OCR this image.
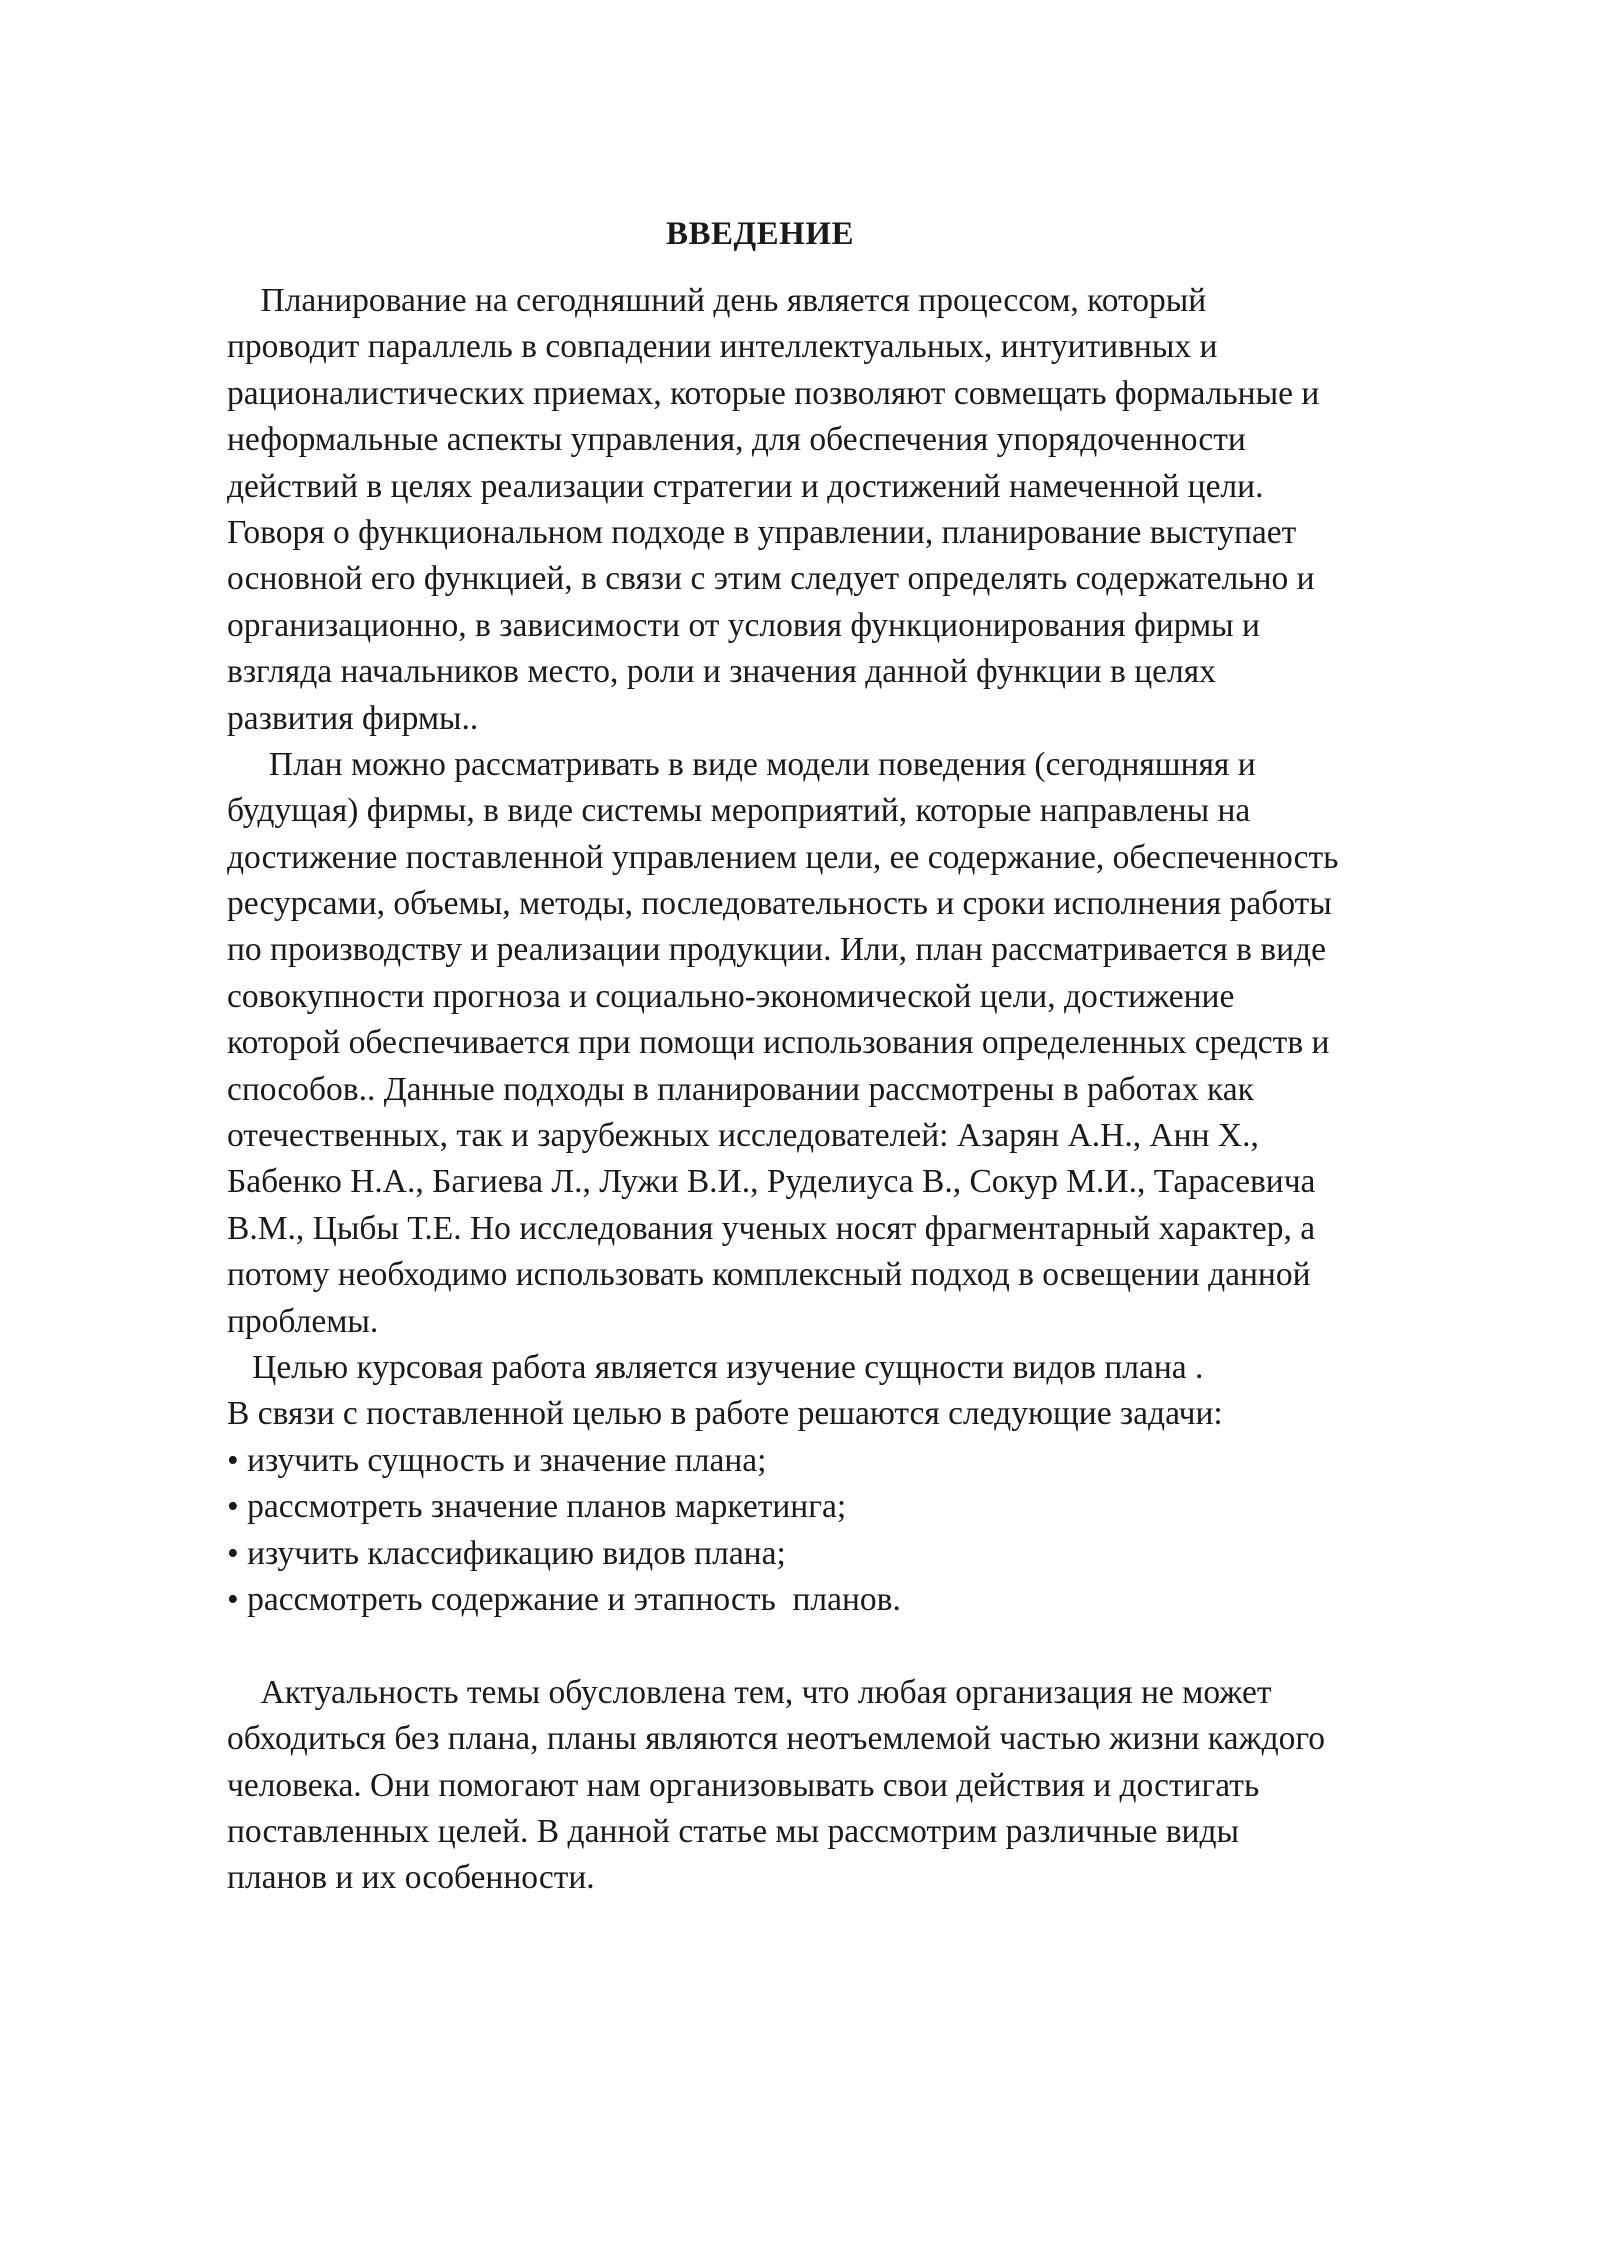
ВВЕДЕНИЕ
Планирование на сегодняшний день является процессом, который
проводит параллель в совпадении интеллектуальных, интуитивных и
рационалистических приемах, которые позволяют совмещать формальные и
неформальные аспекты управления, для обеспечения упорядоченности
действий в целях реализации стратегии и достижений намеченной цели.
Говоря о функциональном подходе в управлении, планирование выступает
основной его функцией, в связи с этим следует определять содержательно и
организационно, в зависимости от условия функционирования фирмы и
взгляда начальников место, роли и значения данной функции в целях
развития фирмы..
План можно рассматривать в виде модели поведения (сегодняшняя и
будущая) фирмы, в виде системы мероприятий, которые направлены на
достижение поставленной управлением цели, ее содержание, обеспеченность
ресурсами, объемы, методы, последовательность и сроки исполнения работы
по производству и реализации продукции. Или, план рассматривается в виде
совокупности прогноза и социально-экономической цели, достижение
которой обеспечивается при помощи использования определенных средств и
способов.. Данные подходы в планировании рассмотрены в работах как
отечественных, так и зарубежных исследователей: Азарян А.Н., Анн Х.,
Бабенко Н.А., Багиева Л., Лужи В.И., Руделиуса В., Сокур М.И., Тарасевича
В.М., Цыбы Т.Е. Но исследования ученых носят фрагментарный характер, а
потому необходимо использовать комплексный подход в освещении данной
проблемы.
Целью курсовая работа является изучение сущности видов плана .
В связи с поставленной целью в работе решаются следующие задачи:
• изучить сущность и значение плана;
• рассмотреть значение планов маркетинга;
• изучить классификацию видов плана;
• рассмотреть содержание и этапность  планов.
Актуальность темы обусловлена тем, что любая организация не может
обходиться без плана, планы являются неотъемлемой частью жизни каждого
человека. Они помогают нам организовывать свои действия и достигать
поставленных целей. В данной статье мы рассмотрим различные виды
планов и их особенности.
